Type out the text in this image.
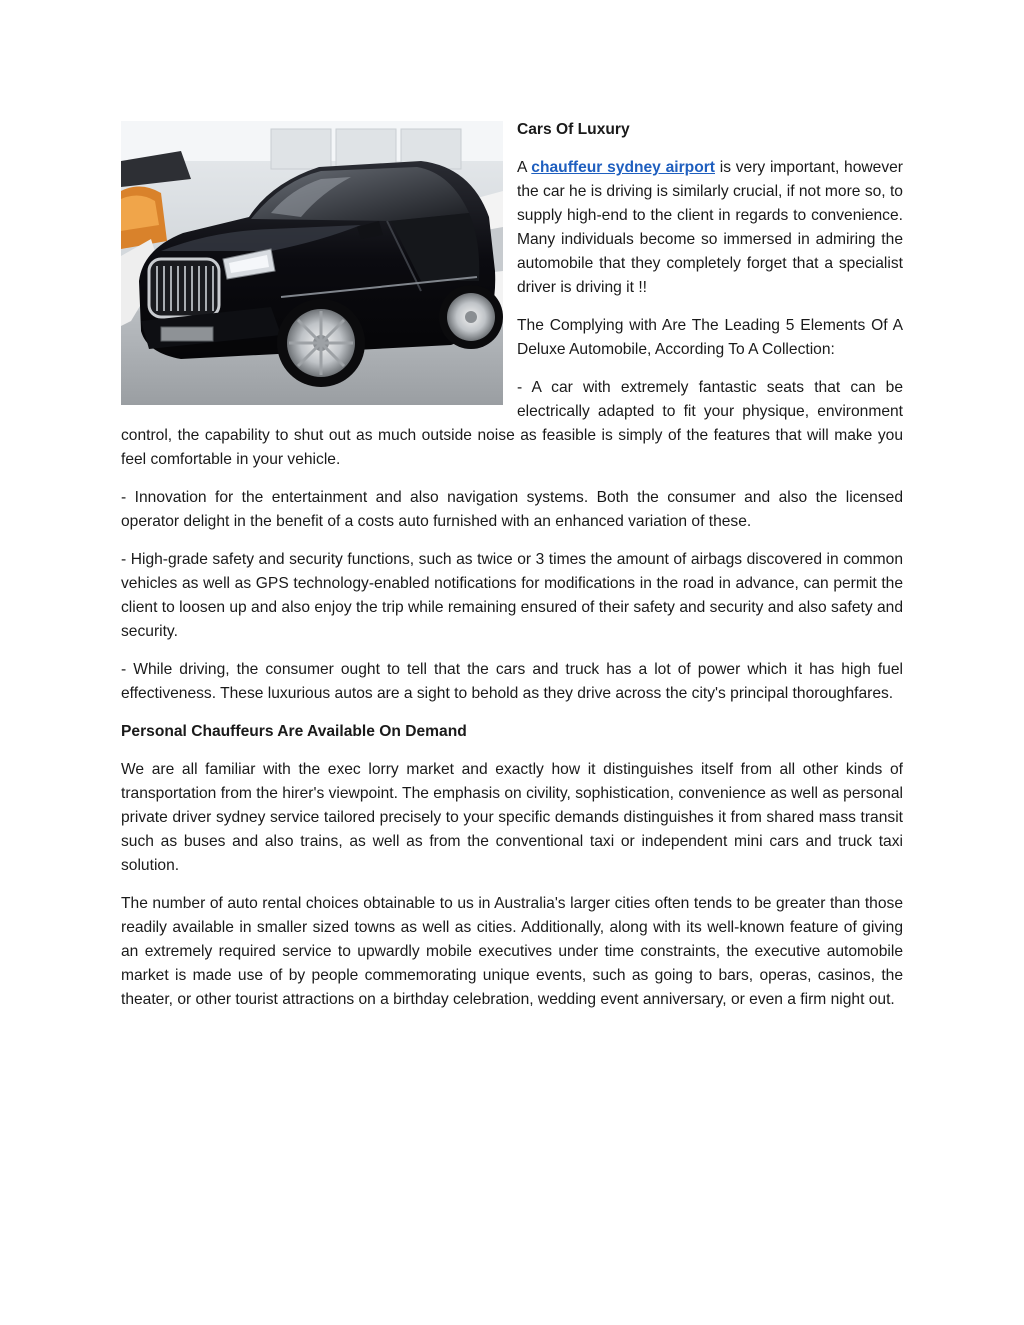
Cars Of Luxury

A chauffeur sydney airport is very important, however the car he is driving is similarly crucial, if not more so, to supply high-end to the client in regards to convenience. Many individuals become so immersed in admiring the automobile that they completely forget that a specialist driver is driving it !!

The Complying with Are The Leading 5 Elements Of A Deluxe Automobile, According To A Collection:

- A car with extremely fantastic seats that can be electrically adapted to fit your physique, environment control, the capability to shut out as much outside noise as feasible is simply of the features that will make you feel comfortable in your vehicle.

- Innovation for the entertainment and also navigation systems. Both the consumer and also the licensed operator delight in the benefit of a costs auto furnished with an enhanced variation of these.

- High-grade safety and security functions, such as twice or 3 times the amount of airbags discovered in common vehicles as well as GPS technology-enabled notifications for modifications in the road in advance, can permit the client to loosen up and also enjoy the trip while remaining ensured of their safety and security and also safety and security.

- While driving, the consumer ought to tell that the cars and truck has a lot of power which it has high fuel effectiveness. These luxurious autos are a sight to behold as they drive across the city's principal thoroughfares.

Personal Chauffeurs Are Available On Demand

We are all familiar with the exec lorry market and exactly how it distinguishes itself from all other kinds of transportation from the hirer's viewpoint. The emphasis on civility, sophistication, convenience as well as personal private driver sydney service tailored precisely to your specific demands distinguishes it from shared mass transit such as buses and also trains, as well as from the conventional taxi or independent mini cars and truck taxi solution.

The number of auto rental choices obtainable to us in Australia's larger cities often tends to be greater than those readily available in smaller sized towns as well as cities. Additionally, along with its well-known feature of giving an extremely required service to upwardly mobile executives under time constraints, the executive automobile market is made use of by people commemorating unique events, such as going to bars, operas, casinos, the theater, or other tourist attractions on a birthday celebration, wedding event anniversary, or even a firm night out.
